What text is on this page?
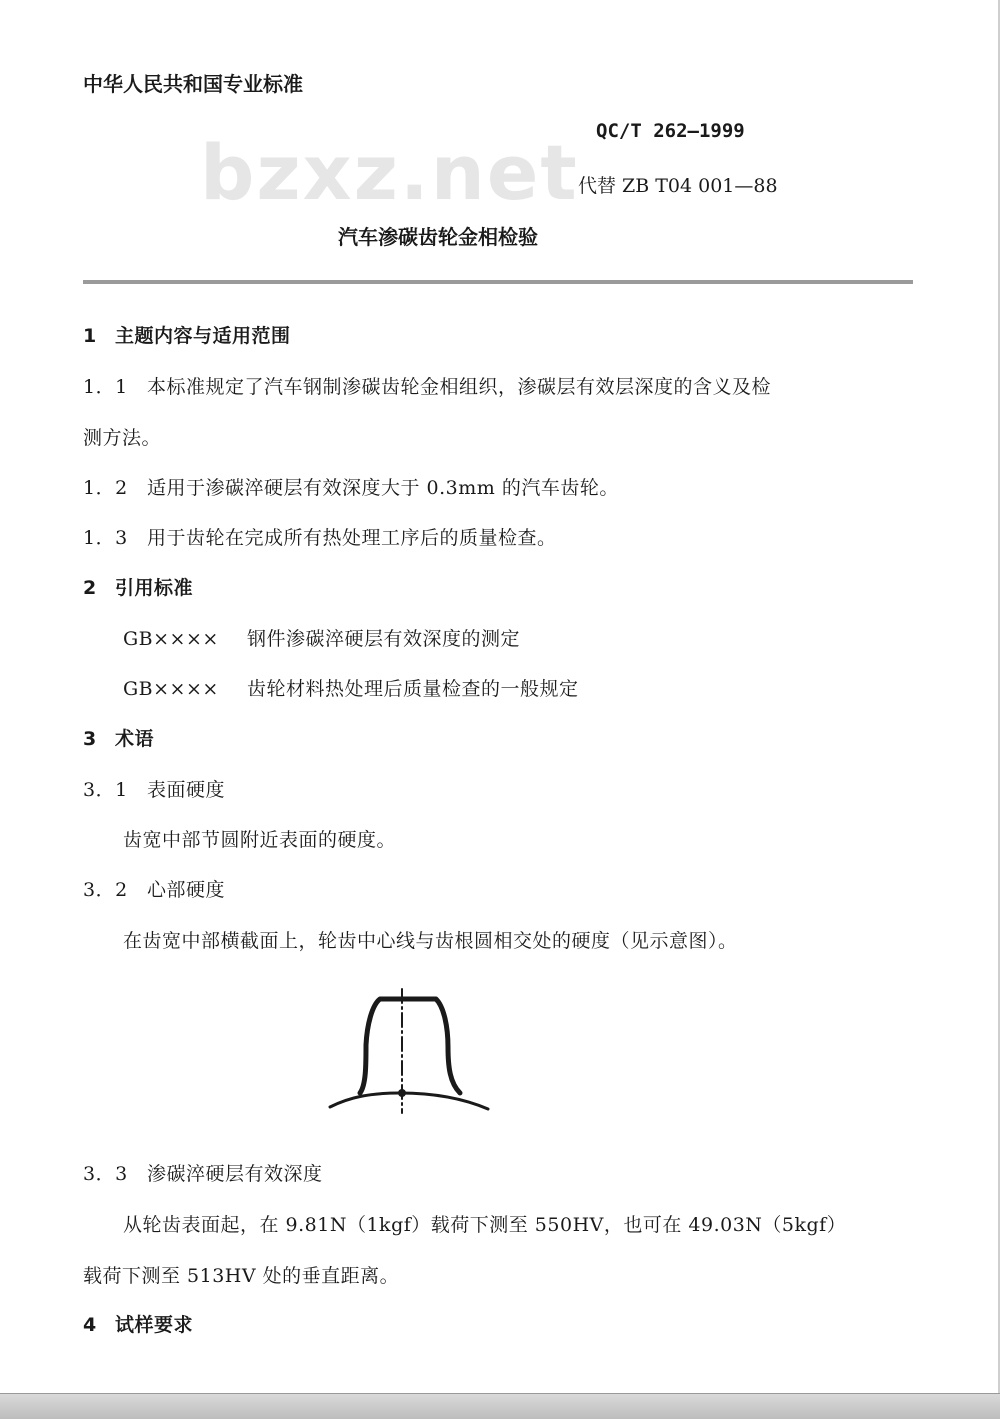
中华人民共和国专业标准
bzxz.net QC/T 262—1999
代替 ZB T04 001—88
汽车渗碳齿轮金相检验
1 主题内容与适用范围
1．1 本标准规定了汽车钢制渗碳齿轮金相组织，渗碳层有效层深度的含义及检
测方法。
1．2 适用于渗碳淬硬层有效深度大于 0.3mm 的汽车齿轮。
1．3 用于齿轮在完成所有热处理工序后的质量检查。
2 引用标准
GB×××× 钢件渗碳淬硬层有效深度的测定
GB×××× 齿轮材料热处理后质量检查的一般规定
3 术语
3．1 表面硬度
齿宽中部节圆附近表面的硬度。
3．2 心部硬度
在齿宽中部横截面上，轮齿中心线与齿根圆相交处的硬度（见示意图）。
3．3 渗碳淬硬层有效深度
从轮齿表面起，在 9.81N（1kgf）载荷下测至 550HV，也可在 49.03N（5kgf）
载荷下测至 513HV 处的垂直距离。
4 试样要求
